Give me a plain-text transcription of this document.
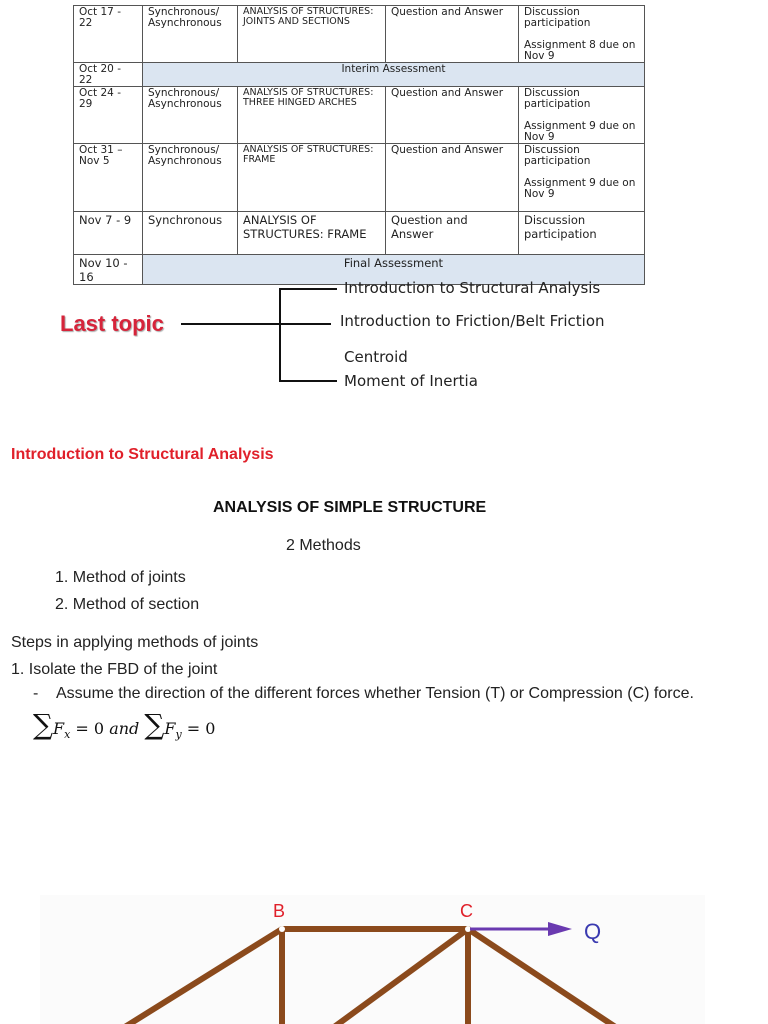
Oct 17 - 22	Synchronous/ Asynchronous	ANALYSIS OF STRUCTURES: JOINTS AND SECTIONS	Question and Answer	Discussion participation
Assignment 8 due on Nov 9
Oct 20 - 22	Interim Assessment			
Oct 24 - 29	Synchronous/ Asynchronous	ANALYSIS OF STRUCTURES: THREE HINGED ARCHES	Question and Answer	Discussion participation
Assignment 9 due on Nov 9
Oct 31 – Nov 5	Synchronous/ Asynchronous	ANALYSIS OF STRUCTURES: FRAME	Question and Answer	Discussion participation
Assignment 9 due on Nov 9
Nov 7 - 9	Synchronous	ANALYSIS OF STRUCTURES: FRAME	Question and Answer	Discussion participation
Nov 10 - 16	Final Assessment			
Last topic
Introduction to Structural Analysis
Introduction to Friction/Belt Friction
Centroid
Moment of Inertia
Introduction to Structural Analysis
ANALYSIS OF SIMPLE STRUCTURE
2 Methods
1. Method of joints
2. Method of section
Steps in applying methods of joints
1. Isolate the FBD of the joint
- Assume the direction of the different forces whether Tension (T) or Compression (C) force.
$\sum F_x = 0$ and $\sum F_y = 0$
B	C
Q
